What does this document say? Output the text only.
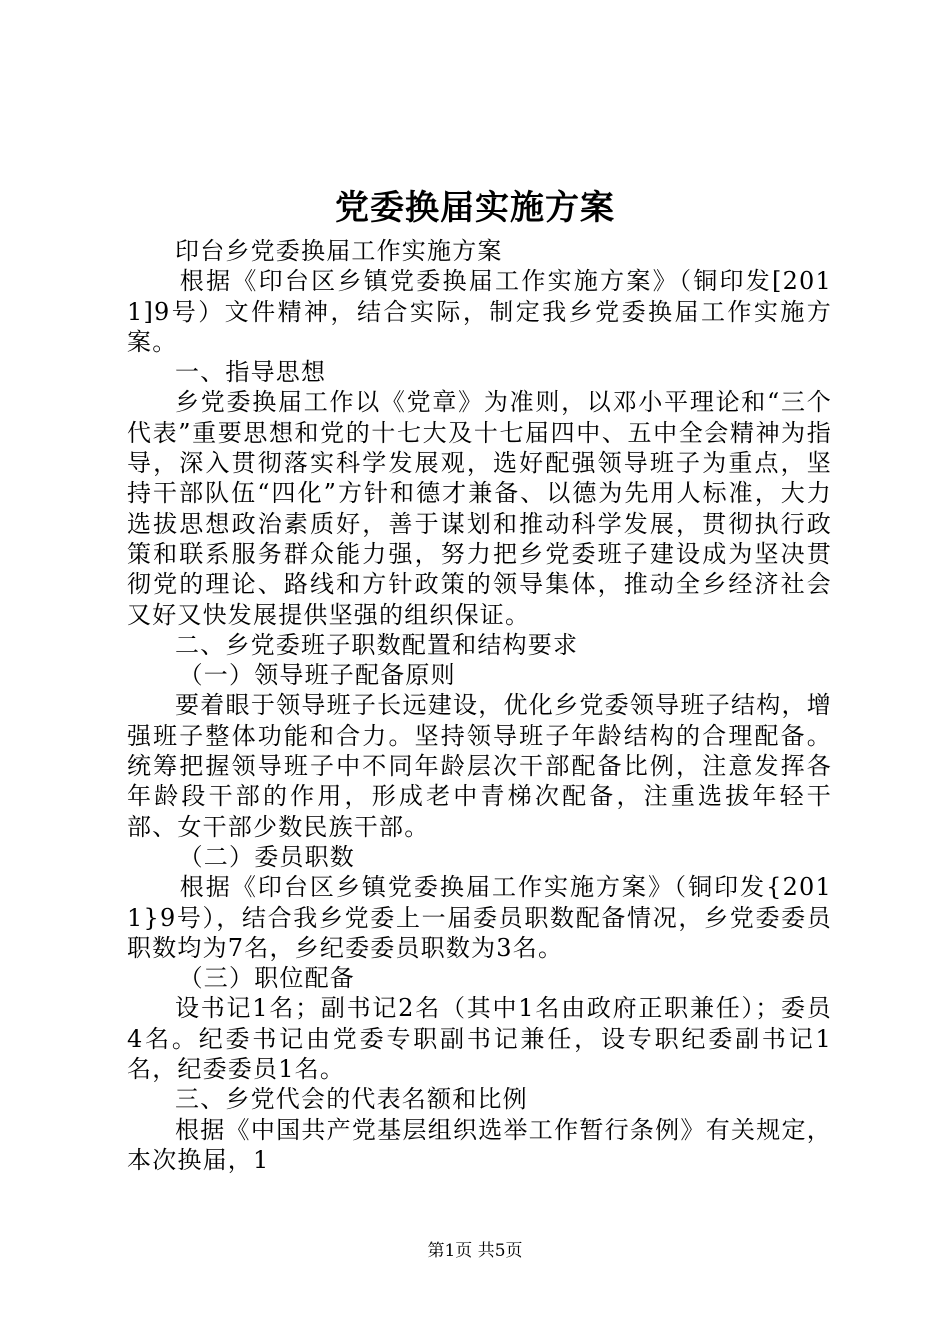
党委换届实施方案

印台乡党委换届工作实施方案

根据《印台区乡镇党委换届工作实施方案》（铜印发[2011]9号）文件精神，结合实际，制定我乡党委换届工作实施方案。

一、指导思想

乡党委换届工作以《党章》为准则，以邓小平理论和“三个代表”重要思想和党的十七大及十七届四中、五中全会精神为指导，深入贯彻落实科学发展观，选好配强领导班子为重点，坚持干部队伍“四化”方针和德才兼备、以德为先用人标准，大力选拔思想政治素质好，善于谋划和推动科学发展，贯彻执行政策和联系服务群众能力强，努力把乡党委班子建设成为坚决贯彻党的理论、路线和方针政策的领导集体，推动全乡经济社会又好又快发展提供坚强的组织保证。

二、乡党委班子职数配置和结构要求

（一）领导班子配备原则

要着眼于领导班子长远建设，优化乡党委领导班子结构，增强班子整体功能和合力。坚持领导班子年龄结构的合理配备。统筹把握领导班子中不同年龄层次干部配备比例，注意发挥各年龄段干部的作用，形成老中青梯次配备，注重选拔年轻干部、女干部少数民族干部。

（二）委员职数

根据《印台区乡镇党委换届工作实施方案》（铜印发{2011}9号），结合我乡党委上一届委员职数配备情况，乡党委委员职数均为7名，乡纪委委员职数为3名。

（三）职位配备

设书记1名；副书记2名（其中1名由政府正职兼任）；委员4名。纪委书记由党委专职副书记兼任，设专职纪委副书记1名，纪委委员1名。

三、乡党代会的代表名额和比例

根据《中国共产党基层组织选举工作暂行条例》有关规定，本次换届，1

第1页 共5页
